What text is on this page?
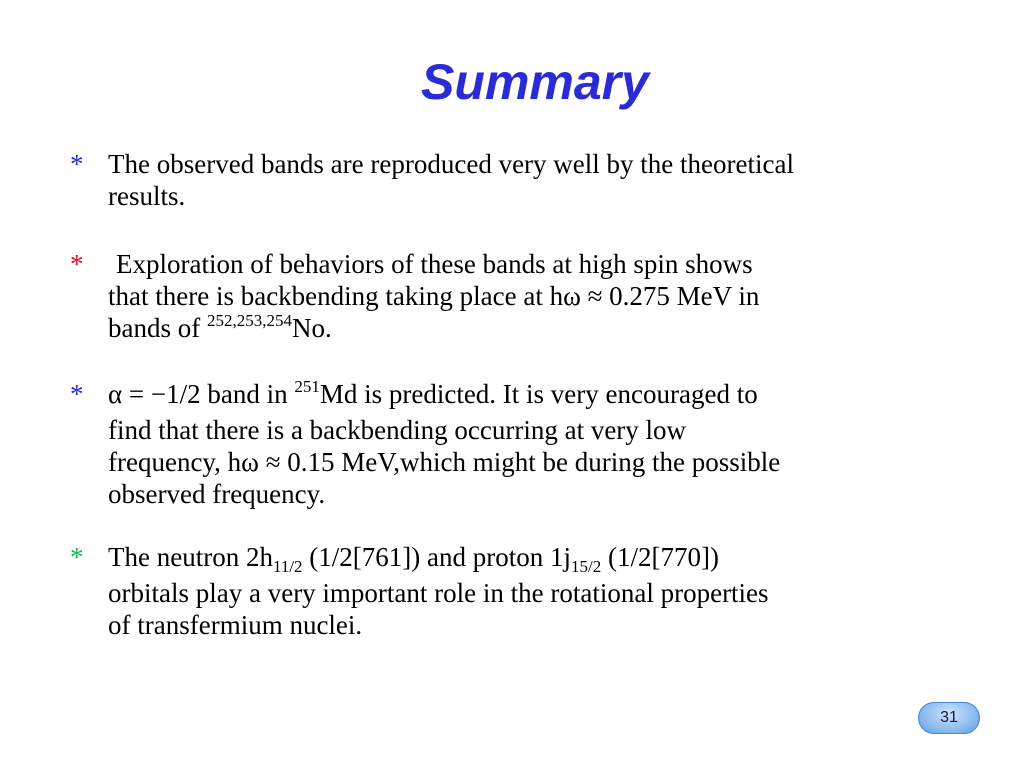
Summary
* The observed bands are reproduced very well by the theoretical
results.
* Exploration of behaviors of these bands at high spin shows
that there is backbending taking place at hω ≈ 0.275 MeV in
bands of $^{252,253,254}$No.
* α = −1/2 band in $^{251}$Md is predicted. It is very encouraged to
find that there is a backbending occurring at very low
frequency, hω ≈ 0.15 MeV,which might be during the possible
observed frequency.
* The neutron $2h_{11/2}$ (1/2[761]) and proton $1j_{15/2}$ (1/2[770])
orbitals play a very important role in the rotational properties
of transfermium nuclei.
31
